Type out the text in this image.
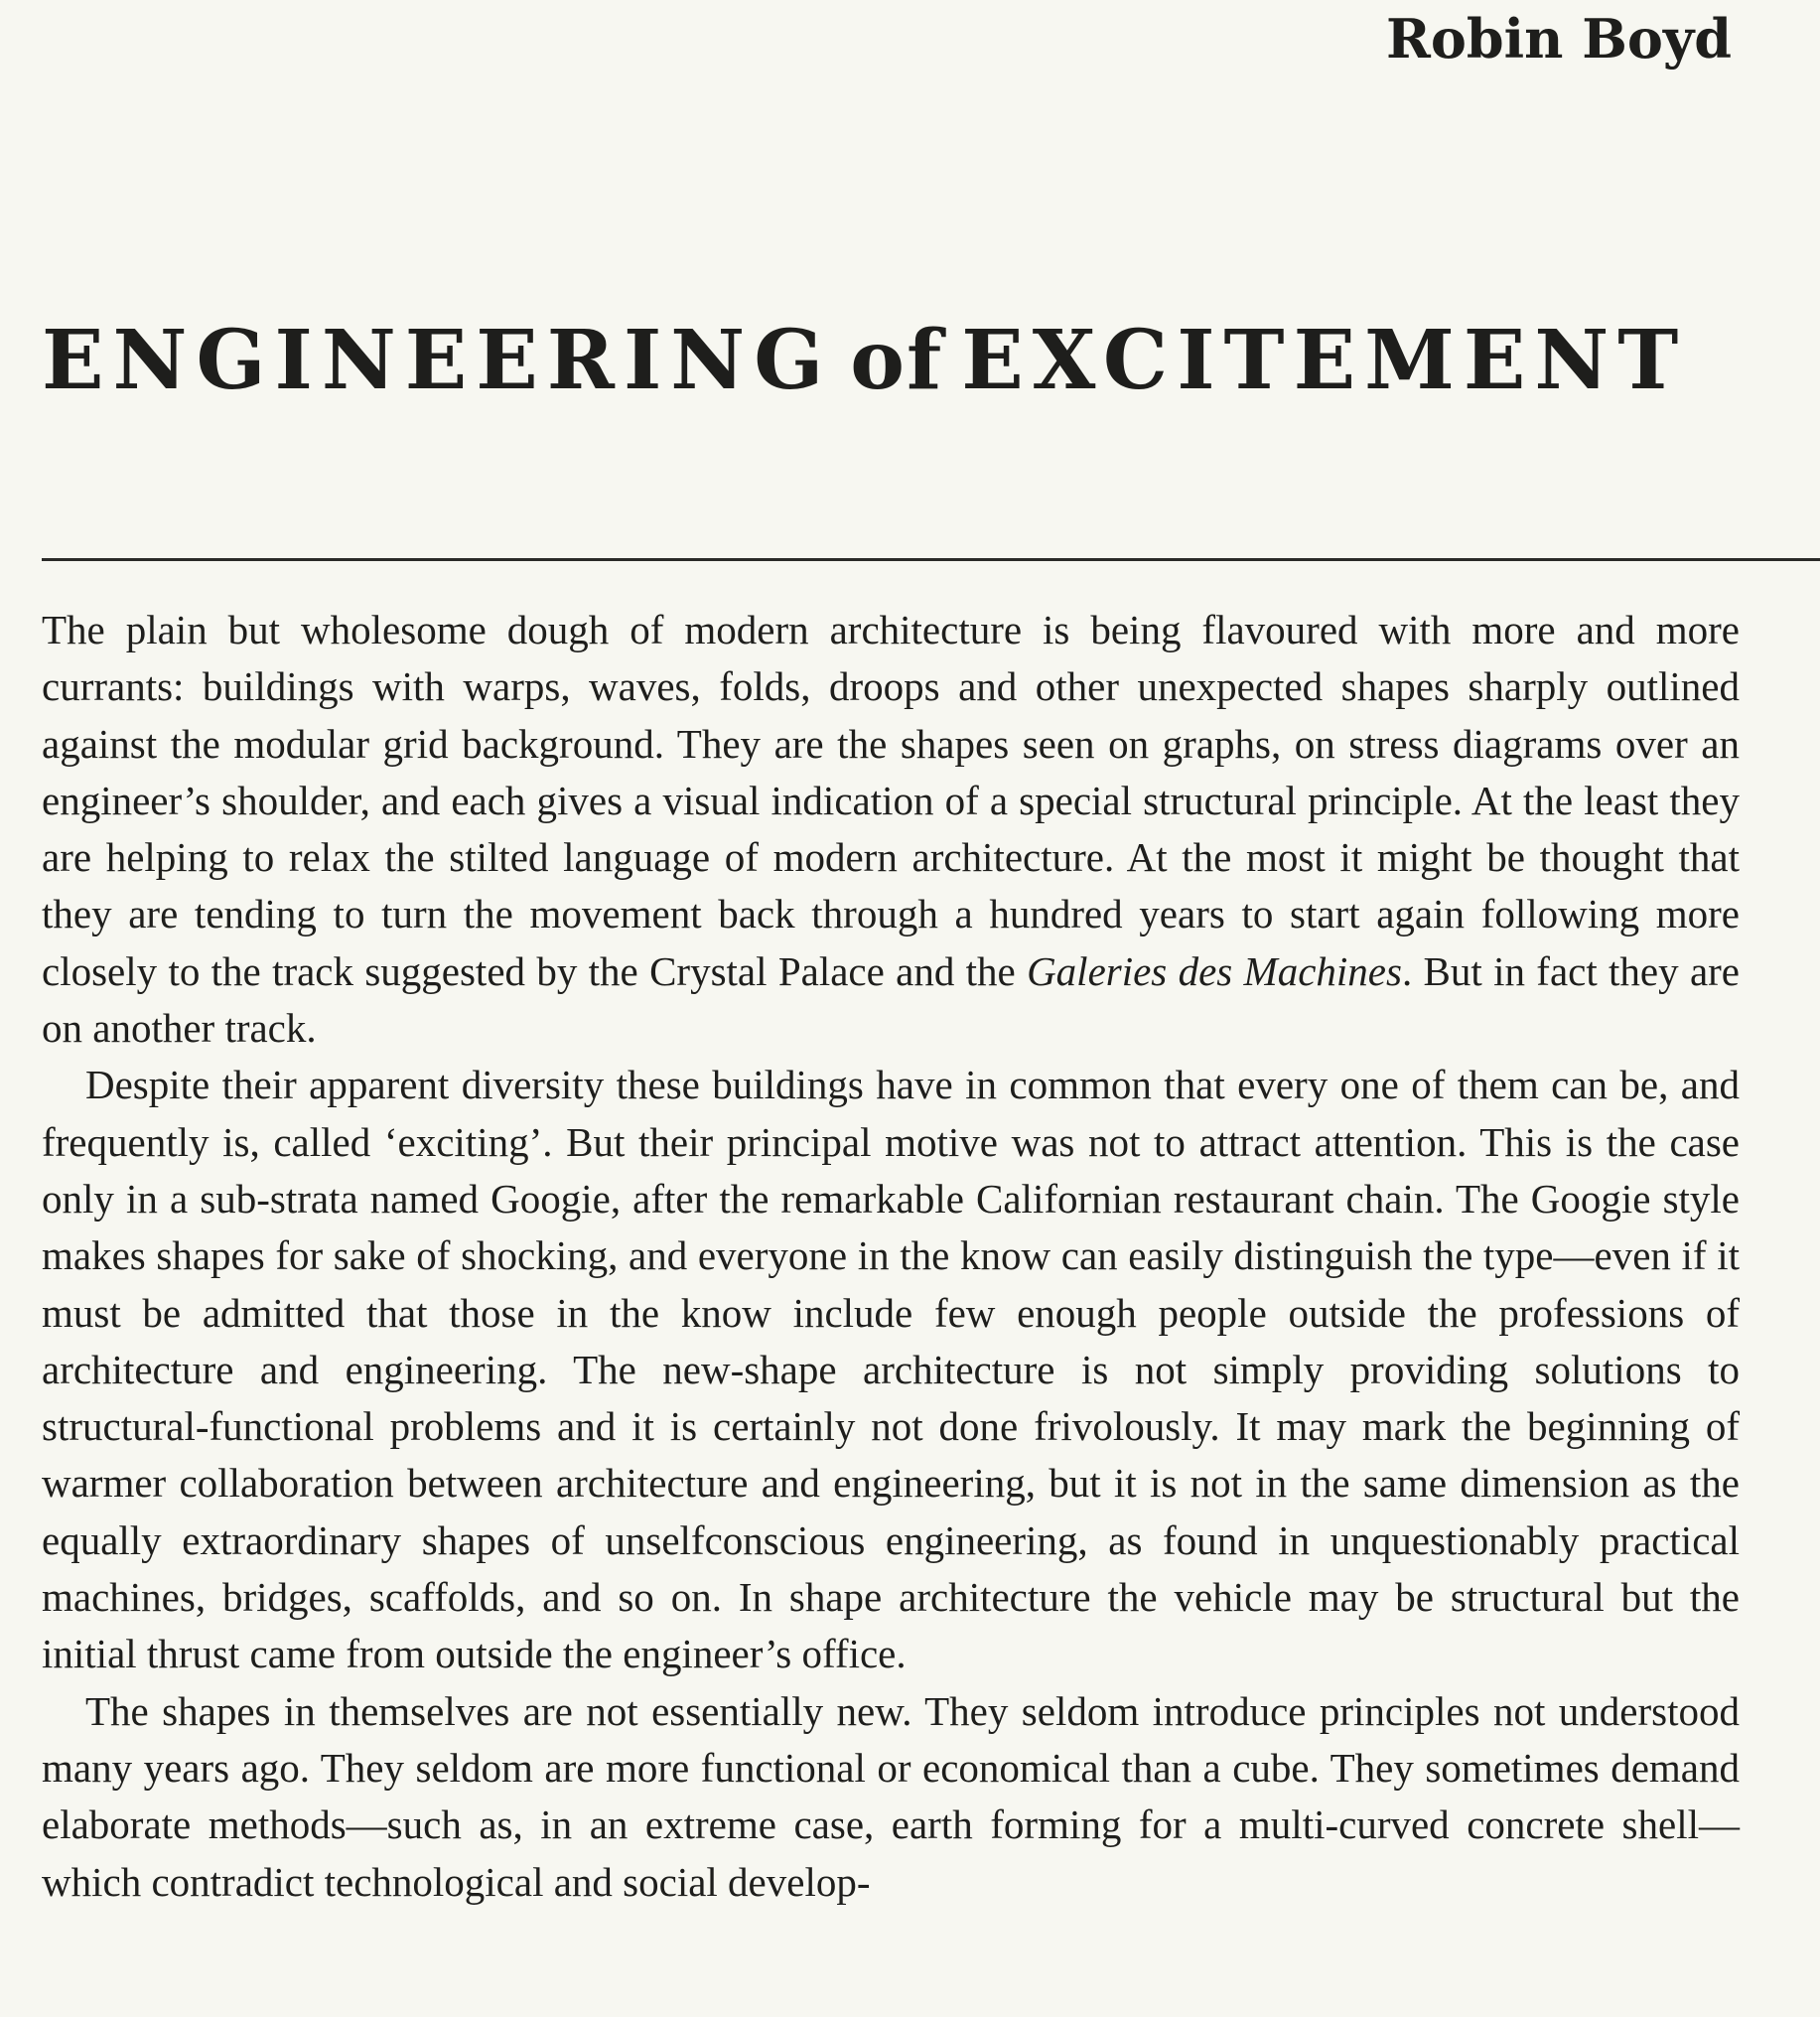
Robin Boyd
ENGINEERING of EXCITEMENT

The plain but wholesome dough of modern architecture is being flavoured with more and more currants: buildings with warps, waves, folds, droops and other unexpected shapes sharply outlined against the modular grid background. They are the shapes seen on graphs, on stress diagrams over an engineer’s shoulder, and each gives a visual indication of a special structural principle. At the least they are helping to relax the stilted language of modern architecture. At the most it might be thought that they are tending to turn the movement back through a hundred years to start again following more closely to the track suggested by the Crystal Palace and the Galeries des Machines. But in fact they are on another track.

Despite their apparent diversity these buildings have in common that every one of them can be, and frequently is, called ‘exciting’. But their principal motive was not to attract attention. This is the case only in a sub-strata named Googie, after the remarkable Californian restaurant chain. The Googie style makes shapes for sake of shocking, and everyone in the know can easily distinguish the type—even if it must be admitted that those in the know include few enough people outside the professions of architecture and engineering. The new-shape architecture is not simply providing solutions to structural-functional problems and it is certainly not done frivolously. It may mark the beginning of warmer collaboration between architecture and engineering, but it is not in the same dimension as the equally extraordinary shapes of unselfconscious engineering, as found in unquestionably practical machines, bridges, scaffolds, and so on. In shape architecture the vehicle may be structural but the initial thrust came from outside the engineer’s office.

The shapes in themselves are not essentially new. They seldom introduce principles not understood many years ago. They seldom are more functional or economical than a cube. They sometimes demand elaborate methods—such as, in an extreme case, earth forming for a multi-curved concrete shell—which contradict technological and social develop-
